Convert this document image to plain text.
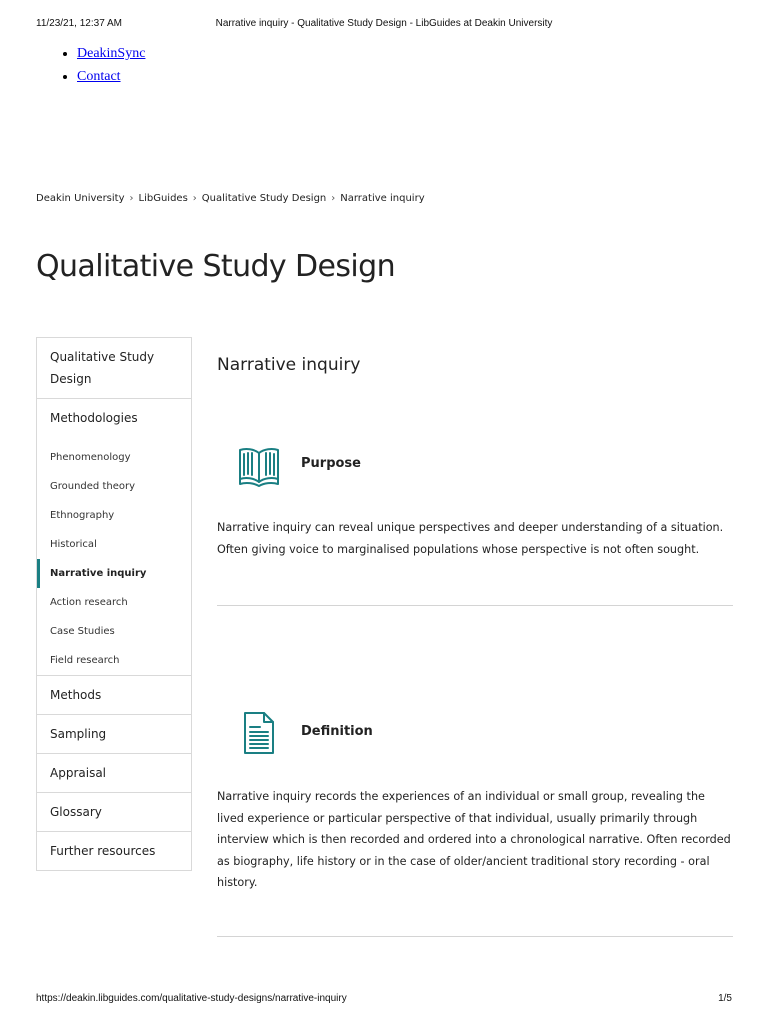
11/23/21, 12:37 AM	Narrative inquiry - Qualitative Study Design - LibGuides at Deakin University
• DeakinSync
• Contact
Deakin University › LibGuides › Qualitative Study Design › Narrative inquiry
Qualitative Study Design
Qualitative Study Design
Methodologies
Phenomenology
Grounded theory
Ethnography
Historical
Narrative inquiry
Action research
Case Studies
Field research
Methods
Sampling
Appraisal
Glossary
Further resources
Narrative inquiry
Purpose

Narrative inquiry can reveal unique perspectives and deeper understanding of a situation. Often giving voice to marginalised populations whose perspective is not often sought.

Definition

Narrative inquiry records the experiences of an individual or small group, revealing the lived experience or particular perspective of that individual, usually primarily through interview which is then recorded and ordered into a chronological narrative. Often recorded as biography, life history or in the case of older/ancient traditional story recording - oral history.

https://deakin.libguides.com/qualitative-study-designs/narrative-inquiry	1/5
